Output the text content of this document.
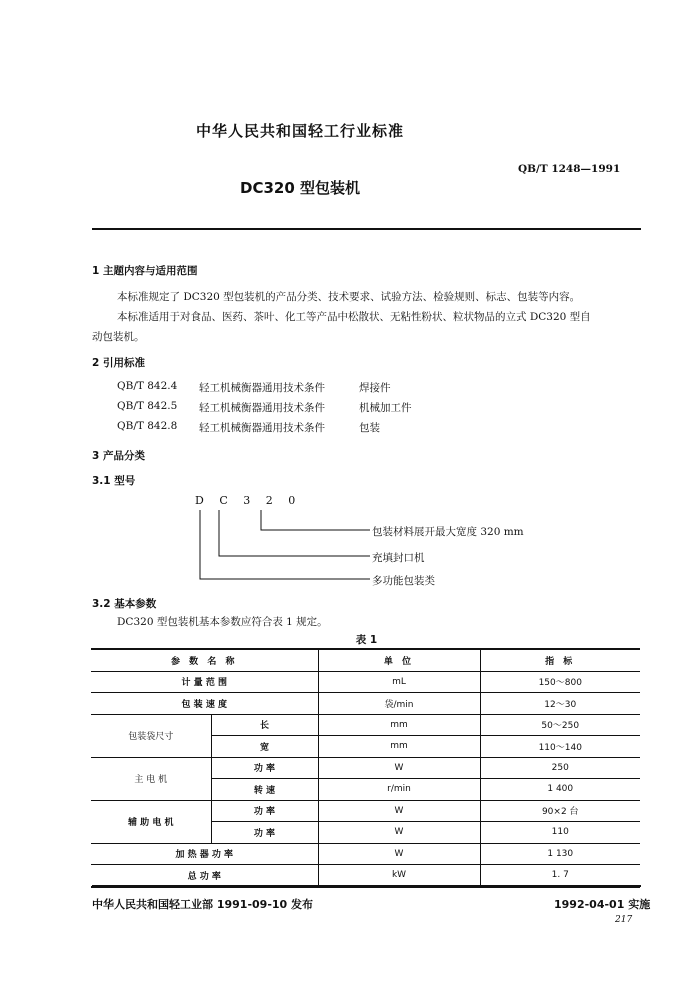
中华人民共和国轻工行业标准
QB/T 1248—1991
DC320 型包装机
1 主题内容与适用范围
本标准规定了 DC320 型包装机的产品分类、技术要求、试验方法、检验规则、标志、包装等内容。
本标准适用于对食品、医药、茶叶、化工等产品中松散状、无粘性粉状、粒状物品的立式 DC320 型自
动包装机。
2 引用标准
QB/T 842.4 轻工机械衡器通用技术条件	焊接件
QB/T 842.5 轻工机械衡器通用技术条件	机械加工件
QB/T 842.8 轻工机械衡器通用技术条件	包装
3 产品分类
3.1 型号
D C 3 2 0
包装材料展开最大宽度 320 mm
充填封口机
多功能包装类
3.2 基本参数
DC320 型包装机基本参数应符合表 1 规定。
表 1
参 数 名 称		单 位	指 标
计 量 范 围		mL	150～800
包 装 速 度		袋/min	12～30
包装袋尺寸	长	mm	50～250
	宽	mm	110～140
主 电 机	功 率	W	250
	转 速	r/min	1 400
辅 助 电 机	功 率	W	90×2 台
	功 率	W	110
加 热 器 功 率		W	1 130
总 功 率		kW	1. 7
中华人民共和国轻工业部 1991-09-10 发布	1992-04-01 实施
217
